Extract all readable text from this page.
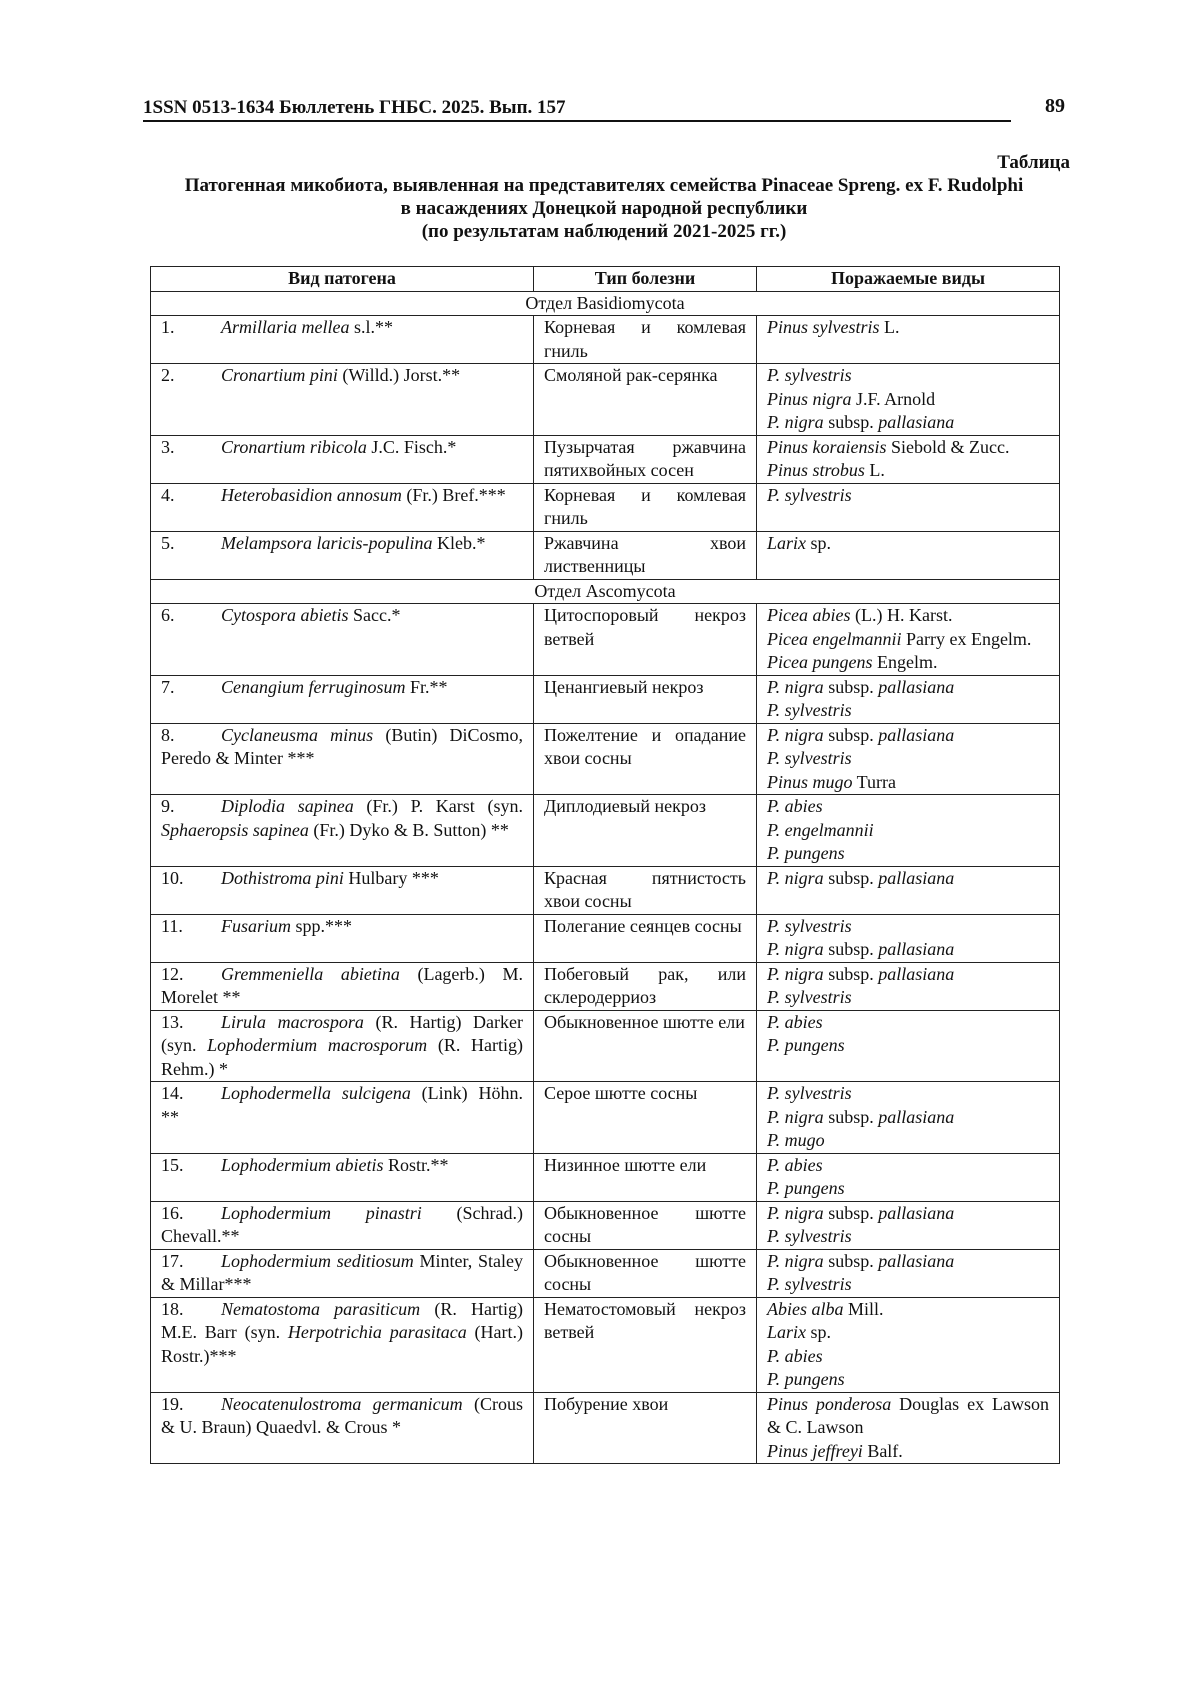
1SSN 0513-1634 Бюллетень ГНБС. 2025. Вып. 157	89
Таблица
Патогенная микобиота, выявленная на представителях семейства Pinaceae Spreng. ex F. Rudolphi
в насаждениях Донецкой народной республики
(по результатам наблюдений 2021-2025 гг.)
Вид патогена	Тип болезни	Поражаемые виды
Отдел Basidiomycota		
1. Armillaria mellea s.l.**	Корневая и комлевая гниль	Pinus sylvestris L.

2. Cronartium pini (Willd.) Jorst.**	Смоляной рак-серянка	P. sylvestris
Pinus nigra J.F. Arnold
P. nigra subsp. pallasiana

3. Cronartium ribicola J.C. Fisch.*	Пузырчатая ржавчина пятихвойных сосен	Pinus koraiensis Siebold & Zucc.
Pinus strobus L.

4. Heterobasidion annosum (Fr.) Bref.***	Корневая и комлевая гниль	P. sylvestris

5. Melampsora laricis-populina Kleb.*	Ржавчина хвои лиственницы	Larix sp.

Отдел Ascomycota		
6. Cytospora abietis Sacc.*	Цитоспоровый некроз ветвей	Picea abies (L.) H. Karst.
Picea engelmannii Parry ex Engelm.
Picea pungens Engelm.

7. Cenangium ferruginosum Fr.**	Ценангиевый некроз	P. nigra subsp. pallasiana
P. sylvestris

8. Cyclaneusma minus (Butin) DiCosmo, Peredo & Minter ***	Пожелтение и опадание хвои сосны	P. nigra subsp. pallasiana
P. sylvestris
Pinus mugo Turra

9. Diplodia sapinea (Fr.) P. Karst (syn. Sphaeropsis sapinea (Fr.) Dyko & B. Sutton) **	Диплодиевый некроз	P. abies
P. engelmannii
P. pungens

10. Dothistroma pini Hulbary ***	Красная пятнистость хвои сосны	P. nigra subsp. pallasiana

11. Fusarium spp.***	Полегание сеянцев сосны	P. sylvestris
P. nigra subsp. pallasiana

12. Gremmeniella abietina (Lagerb.) M. Morelet **	Побеговый рак, или склеродерриоз	P. nigra subsp. pallasiana
P. sylvestris

13. Lirula macrospora (R. Hartig) Darker (syn. Lophodermium macrosporum (R. Hartig) Rehm.) *	Обыкновенное шютте ели	P. abies
P. pungens

14. Lophodermella sulcigena (Link) Höhn. **	Серое шютте сосны	P. sylvestris
P. nigra subsp. pallasiana
P. mugo

15. Lophodermium abietis Rostr.**	Низинное шютте ели	P. abies
P. pungens

16. Lophodermium pinastri (Schrad.) Chevall.**	Обыкновенное шютте сосны	P. nigra subsp. pallasiana
P. sylvestris

17. Lophodermium seditiosum Minter, Staley & Millar***	Обыкновенное шютте сосны	P. nigra subsp. pallasiana
P. sylvestris

18. Nematostoma parasiticum (R. Hartig) M.E. Barr (syn. Herpotrichia parasitaca (Hart.) Rostr.)***	Нематостомовый некроз ветвей	Abies alba Mill.
Larix sp.
P. abies
P. pungens

19. Neocatenulostroma germanicum (Crous & U. Braun) Quaedvl. & Crous *	Побурение хвои	Pinus ponderosa Douglas ex Lawson & C. Lawson
Pinus jeffreyi Balf.
